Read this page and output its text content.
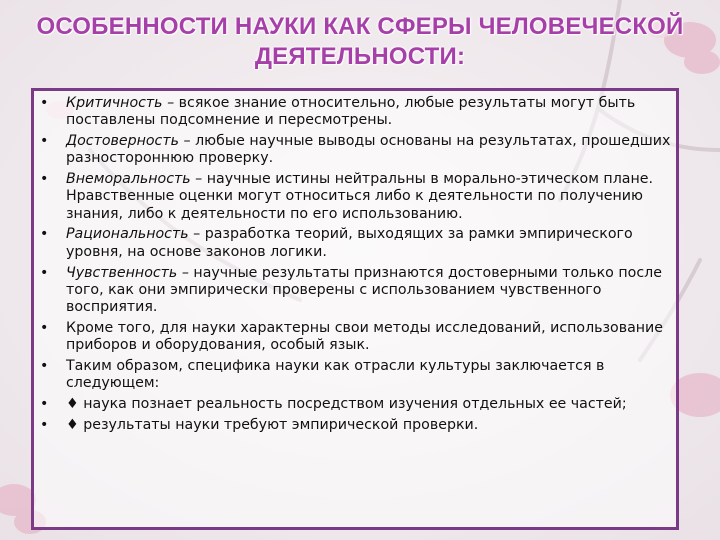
ОСОБЕННОСТИ НАУКИ КАК СФЕРЫ ЧЕЛОВЕЧЕСКОЙ
ДЕЯТЕЛЬНОСТИ:
• Критичность – всякое знание относительно, любые результаты могут быть поставлены подсомнение и пересмотрены.
• Достоверность – любые научные выводы основаны на результатах, прошедших разностороннюю проверку.
• Внеморальность – научные истины нейтральны в морально-этическом плане. Нравственные оценки могут относиться либо к деятельности по получению знания, либо к деятельности по его использованию.
• Рациональность – разработка теорий, выходящих за рамки эмпирического уровня, на основе законов логики.
• Чувственность – научные результаты признаются достоверными только после того, как они эмпирически проверены с использованием чувственного восприятия.
• Кроме того, для науки характерны свои методы исследований, использование приборов и оборудования, особый язык.
• Таким образом, специфика науки как отрасли культуры заключается в следующем:
• ♦ наука познает реальность посредством изучения отдельных ее частей;
• ♦ результаты науки требуют эмпирической проверки.
